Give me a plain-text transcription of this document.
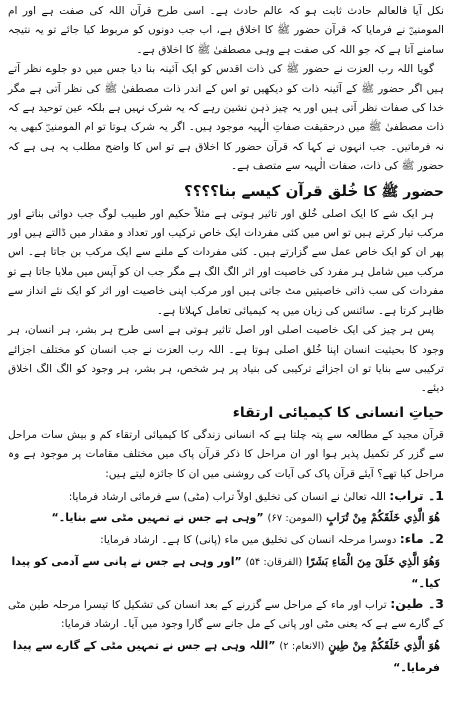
نکل آیا فالعالم حادث ثابت ہو کہ عالم حادث ہے۔ اسی طرح قرآن اللہ کی صفت ہے اور ام المومنینؓ نے فرمایا کہ قرآن حضور ﷺ کا اخلاق ہے، اب جب دونوں کو مربوط کیا جائے تو یہ نتیجہ سامنے آتا ہے کہ جو اللہ کی صفت ہے وہی مصطفیٰ ﷺ کا اخلاق ہے۔

گویا اللہ رب العزت نے حضور ﷺ کی ذات اقدس کو ایک آئینہ بنا دیا جس میں دو جلوے نظر آتے ہیں اگر حضور ﷺ کے آئینہ ذات کو دیکھیں تو اس کے اندر ذات مصطفیٰ ﷺ کی نظر آتی ہے مگر خدا کی صفات نظر آتی ہیں اور یہ چیز ذہن نشین رہے کہ یہ شرک نہیں ہے بلکہ عین توحید ہے کہ ذات مصطفیٰ ﷺ میں درحقیقت صفاتِ الٰہیہ موجود ہیں۔ اگر یہ شرک ہوتا تو ام المومنینؓ کبھی یہ نہ فرماتیں۔ جب انہوں نے کہا کہ قرآن حضور کا اخلاق ہے تو اس کا واضح مطلب یہ ہی ہے کہ حضور ﷺ کی ذات، صفات الٰہیہ سے متصف ہے۔

حضور ﷺ کا خُلق قرآن کیسے بنا؟؟؟؟

ہر ایک شے کا ایک اصلی خُلق اور تاثیر ہوتی ہے مثلاً حکیم اور طبیب لوگ جب دوائی بناتے اور مرکب تیار کرتے ہیں تو اس میں کئی مفردات ایک خاص ترکیب اور تعداد و مقدار میں ڈالتے ہیں اور پھر ان کو ایک خاص عمل سے گزارتے ہیں۔ کئی مفردات کے ملنے سے ایک مرکب بن جاتا ہے۔ اس مرکب میں شامل ہر مفرد کی خاصیت اور اثر الگ الگ ہے مگر جب ان کو آپس میں ملایا جاتا ہے تو مفردات کی سب ذاتی خاصیتیں مٹ جاتی ہیں اور مرکب اپنی خاصیت اور اثر کو ایک نئے انداز سے ظاہر کرتا ہے۔ سائنس کی زبان میں یہ کیمیائی تعامل کہلاتا ہے۔

پس ہر چیز کی ایک خاصیت اصلی اور اصل تاثیر ہوتی ہے اسی طرح ہر بشر، ہر انسان، ہر وجود کا بحیثیت انسان اپنا خُلق اصلی ہوتا ہے۔ اللہ رب العزت نے جب انسان کو مختلف اجزائے ترکیبی سے بنایا تو ان اجزائے ترکیبی کی بنیاد پر ہر شخص، ہر بشر، ہر وجود کو الگ الگ اخلاق دیئے۔

حیاتِ انسانی کا کیمیائی ارتقاء

قرآن مجید کے مطالعہ سے پتہ چلتا ہے کہ انسانی زندگی کا کیمیائی ارتقاء کم و بیش سات مراحل سے گزر کر تکمیل پذیر ہوا اور ان مراحل کا ذکر قرآن پاک میں مختلف مقامات پر موجود ہے وہ مراحل کیا تھے؟ آیئے قرآن پاک کی آیات کی روشنی میں ان کا جائزہ لیتے ہیں:

1۔ تراب: اللہ تعالیٰ نے انسان کی تخلیق اولاً تراب (مٹی) سے فرمائی ارشاد فرمایا:

هُوَ الَّذِي خَلَقَكُمْ مِنْ تُرَابٍ (المومن: ۶۷) ”وہی ہے جس نے تمہیں مٹی سے بنایا۔“

2۔ ماء: دوسرا مرحلہ انسان کی تخلیق میں ماء (پانی) کا ہے۔ ارشاد فرمایا:

وَهُوَ الَّذِي خَلَقَ مِنَ الْمَاءِ بَشَرًا (الفرقان: ۵۴) ”اور وہی ہے جس نے پانی سے آدمی کو پیدا کیا۔“

3۔ طین: تراب اور ماء کے مراحل سے گزرنے کے بعد انسان کی تشکیل کا تیسرا مرحلہ طین مٹی کے گارے سے ہے کہ یعنی مٹی اور پانی کے مل جانے سے گارا وجود میں آیا۔ ارشاد فرمایا:

هُوَ الَّذِي خَلَقَكُمْ مِنْ طِينٍ (الانعام: ۲) ”اللہ وہی ہے جس نے تمہیں مٹی کے گارے سے پیدا فرمایا۔“
